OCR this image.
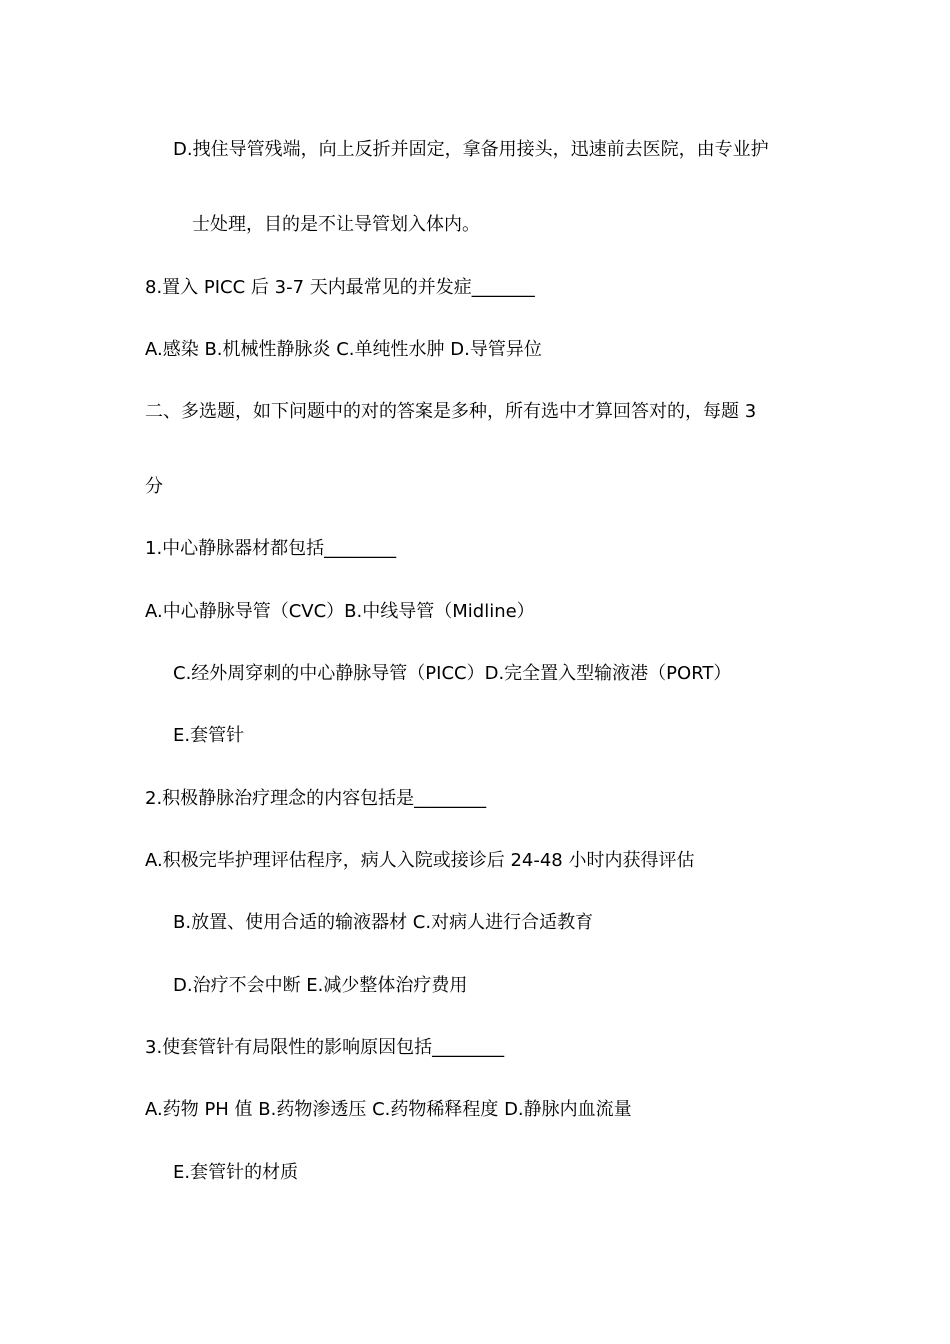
D.拽住导管残端，向上反折并固定，拿备用接头，迅速前去医院，由专业护
士处理，目的是不让导管划入体内。
8.置入 PICC 后 3-7 天内最常见的并发症_______
A.感染 B.机械性静脉炎 C.单纯性水肿 D.导管异位
二、多选题，如下问题中的对的答案是多种，所有选中才算回答对的，每题 3
分
1.中心静脉器材都包括________
A.中心静脉导管（CVC）B.中线导管（Midline）
C.经外周穿刺的中心静脉导管（PICC）D.完全置入型输液港（PORT）
E.套管针
2.积极静脉治疗理念的内容包括是________
A.积极完毕护理评估程序，病人入院或接诊后 24-48 小时内获得评估
B.放置、使用合适的输液器材 C.对病人进行合适教育
D.治疗不会中断 E.减少整体治疗费用
3.使套管针有局限性的影响原因包括________
A.药物 PH 值 B.药物渗透压 C.药物稀释程度 D.静脉内血流量
E.套管针的材质
